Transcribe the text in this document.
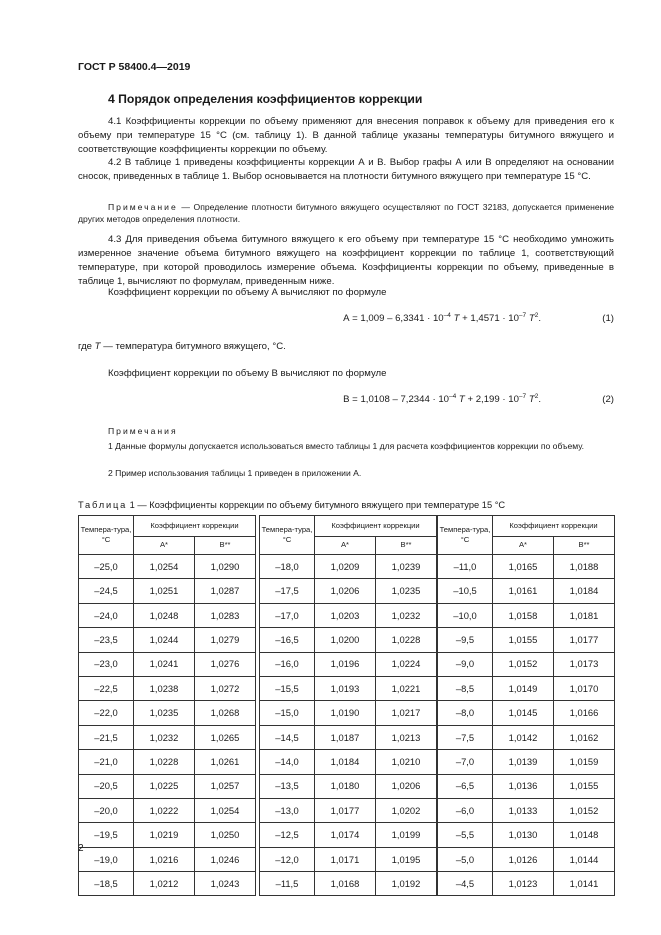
ГОСТ Р 58400.4—2019
4 Порядок определения коэффициентов коррекции
4.1 Коэффициенты коррекции по объему применяют для внесения поправок к объему для приведения его к объему при температуре 15 °С (см. таблицу 1). В данной таблице указаны температуры битумного вяжущего и соответствующие коэффициенты коррекции по объему.
4.2 В таблице 1 приведены коэффициенты коррекции А и В. Выбор графы А или В определяют на основании сносок, приведенных в таблице 1. Выбор основывается на плотности битумного вяжущего при температуре 15 °С.
Примечание — Определение плотности битумного вяжущего осуществляют по ГОСТ 32183, допускается применение других методов определения плотности.
4.3 Для приведения объема битумного вяжущего к его объему при температуре 15 °С необходимо умножить измеренное значение объема битумного вяжущего на коэффициент коррекции по таблице 1, соответствующий температуре, при которой проводилось измерение объема. Коэффициенты коррекции по объему, приведенные в таблице 1, вычисляют по формулам, приведенным ниже.
Коэффициент коррекции по объему А вычисляют по формуле
$А = 1,009 - 6,3341 \cdot 10^{-4}$ $T + 1,4571 \cdot 10^{-7}$ $T^2$.	(1)
где T — температура битумного вяжущего, °С.
Коэффициент коррекции по объему В вычисляют по формуле
$В = 1,0108 - 7,2344 \cdot 10^{-4}$ $T + 2,199 \cdot 10^{-7}$ $T^2$.	(2)
Примечания
1 Данные формулы допускается использоваться вместо таблицы 1 для расчета коэффициентов коррекции по объему.
2 Пример использования таблицы 1 приведен в приложении А.
Таблица 1 — Коэффициенты коррекции по объему битумного вяжущего при температуре 15 °С
Темпера-тура, °С	Коэффициент коррекции	
	А*	В**
–25,0	1,0254	1,0290
–24,5	1,0251	1,0287
–24,0	1,0248	1,0283
–23,5	1,0244	1,0279
–23,0	1,0241	1,0276
–22,5	1,0238	1,0272
–22,0	1,0235	1,0268
–21,5	1,0232	1,0265
–21,0	1,0228	1,0261
–20,5	1,0225	1,0257
–20,0	1,0222	1,0254
–19,5	1,0219	1,0250
–19,0	1,0216	1,0246
–18,5	1,0212	1,0243
Темпера-тура, °С	Коэффициент коррекции	
	А*	В**
–18,0	1,0209	1,0239
–17,5	1,0206	1,0235
–17,0	1,0203	1,0232
–16,5	1,0200	1,0228
–16,0	1,0196	1,0224
–15,5	1,0193	1,0221
–15,0	1,0190	1,0217
–14,5	1,0187	1,0213
–14,0	1,0184	1,0210
–13,5	1,0180	1,0206
–13,0	1,0177	1,0202
–12,5	1,0174	1,0199
–12,0	1,0171	1,0195
–11,5	1,0168	1,0192
Темпера-тура, °С	Коэффициент коррекции	
	А*	В**
–11,0	1,0165	1,0188
–10,5	1,0161	1,0184
–10,0	1,0158	1,0181
–9,5	1,0155	1,0177
–9,0	1,0152	1,0173
–8,5	1,0149	1,0170
–8,0	1,0145	1,0166
–7,5	1,0142	1,0162
–7,0	1,0139	1,0159
–6,5	1,0136	1,0155
–6,0	1,0133	1,0152
–5,5	1,0130	1,0148
–5,0	1,0126	1,0144
–4,5	1,0123	1,0141
2
